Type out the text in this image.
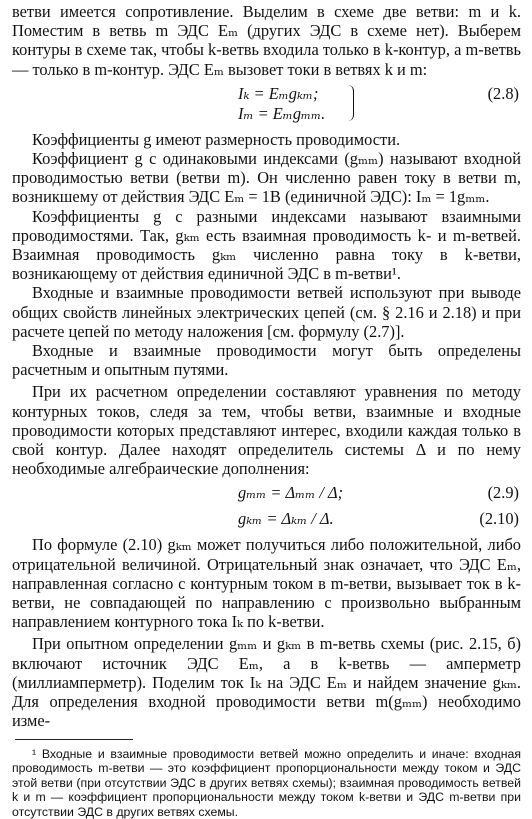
ветви имеется сопротивление. Выделим в схеме две ветви: m и k. Поместим в ветвь m ЭДС Eₘ (других ЭДС в схеме нет). Выберем контуры в схеме так, чтобы k-ветвь входила только в k-контур, а m-ветвь — только в m-контур. ЭДС Eₘ вызовет токи в ветвях k и m:

Iₖ = Eₘgₖₘ;
Iₘ = Eₘgₘₘ.
(2.8)

Коэффициенты g имеют размерность проводимости.

Коэффициент g с одинаковыми индексами (gₘₘ) называют входной проводимостью ветви (ветви m). Он численно равен току в ветви m, возникшему от действия ЭДС Eₘ = 1В (единичной ЭДС): Iₘ = 1gₘₘ.

Коэффициенты g с разными индексами называют взаимными проводимостями. Так, gₖₘ есть взаимная проводимость k- и m-ветвей. Взаимная проводимость gₖₘ численно равна току в k-ветви, возникающему от действия единичной ЭДС в m-ветви¹.

Входные и взаимные проводимости ветвей используют при выводе общих свойств линейных электрических цепей (см. § 2.16 и 2.18) и при расчете цепей по методу наложения [см. формулу (2.7)].

Входные и взаимные проводимости могут быть определены расчетным и опытным путями.

При их расчетном определении составляют уравнения по методу контурных токов, следя за тем, чтобы ветви, взаимные и входные проводимости которых представляют интерес, входили каждая только в свой контур. Далее находят определитель системы Δ и по нему необходимые алгебраические дополнения:

gₘₘ = Δₘₘ / Δ;	(2.9)
gₖₘ = Δₖₘ / Δ.	(2.10)

По формуле (2.10) gₖₘ может получиться либо положительной, либо отрицательной величиной. Отрицательный знак означает, что ЭДС Eₘ, направленная согласно с контурным током в m-ветви, вызывает ток в k-ветви, не совпадающей по направлению с произвольно выбранным направлением контурного тока Iₖ по k-ветви.

При опытном определении gₘₘ и gₖₘ в m-ветвь схемы (рис. 2.15, б) включают источник ЭДС Eₘ, а в k-ветвь — амперметр (миллиамперметр). Поделим ток Iₖ на ЭДС Eₘ и найдем значение gₖₘ. Для определения входной проводимости ветви m(gₘₘ) необходимо изме-

¹ Входные и взаимные проводимости ветвей можно определить и иначе: входная проводимость m-ветви — это коэффициент пропорциональности между током и ЭДС этой ветви (при отсутствии ЭДС в других ветвях схемы); взаимная проводимость ветвей k и m — коэффициент пропорциональности между током k-ветви и ЭДС m-ветви при отсутствии ЭДС в других ветвях схемы.
